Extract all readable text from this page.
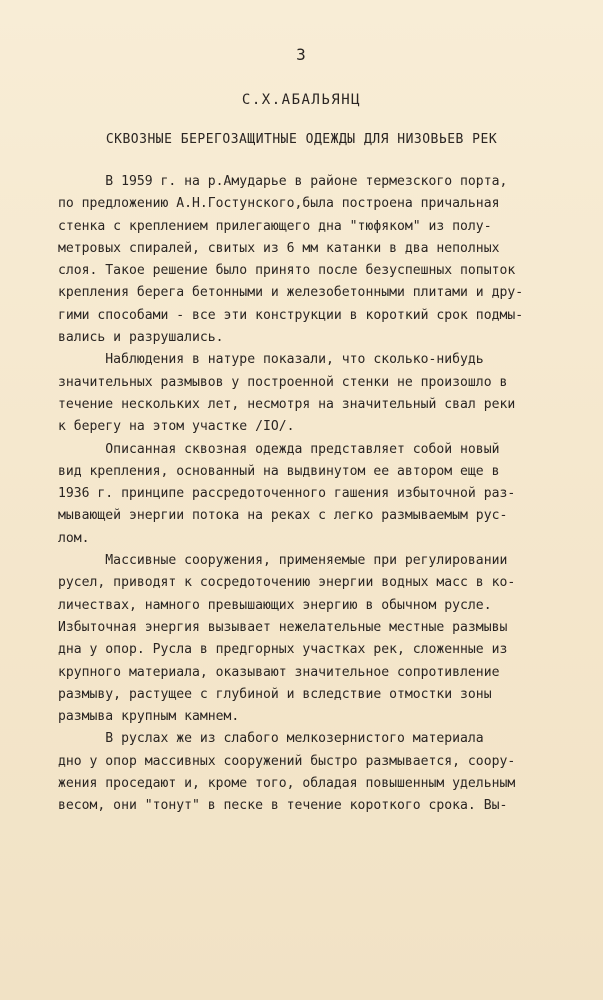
3
С.Х.АБАЛЬЯНЦ
СКВОЗНЫЕ БЕРЕГОЗАЩИТНЫЕ ОДЕЖДЫ ДЛЯ НИЗОВЬЕВ РЕК
В 1959 г. на р.Амударье в районе термезского порта,
по предложению А.Н.Гостунского,была построена причальная
стенка с креплением прилегающего дна "тюфяком" из полу-
метровых спиралей, свитых из 6 мм катанки в два неполных
слоя. Такое решение было принято после безуспешных попыток
крепления берега бетонными и железобетонными плитами и дру-
гими способами - все эти конструкции в короткий срок подмы-
вались и разрушались.
Наблюдения в натуре показали, что сколько-нибудь
значительных размывов у построенной стенки не произошло в
течение нескольких лет, несмотря на значительный свал реки
к берегу на этом участке /IO/.
Описанная сквозная одежда представляет собой новый
вид крепления, основанный на выдвинутом ее автором еще в
1936 г. принципе рассредоточенного гашения избыточной раз-
мывающей энергии потока на реках с легко размываемым рус-
лом.
Массивные сооружения, применяемые при регулировании
русел, приводят к сосредоточению энергии водных масс в ко-
личествах, намного превышающих энергию в обычном русле.
Избыточная энергия вызывает нежелательные местные размывы
дна у опор. Русла в предгорных участках рек, сложенные из
крупного материала, оказывают значительное сопротивление
размыву, растущее с глубиной и вследствие отмостки зоны
размыва крупным камнем.
В руслах же из слабого мелкозернистого материала
дно у опор массивных сооружений быстро размывается, соору-
жения проседают и, кроме того, обладая повышенным удельным
весом, они "тонут" в песке в течение короткого срока. Вы-
